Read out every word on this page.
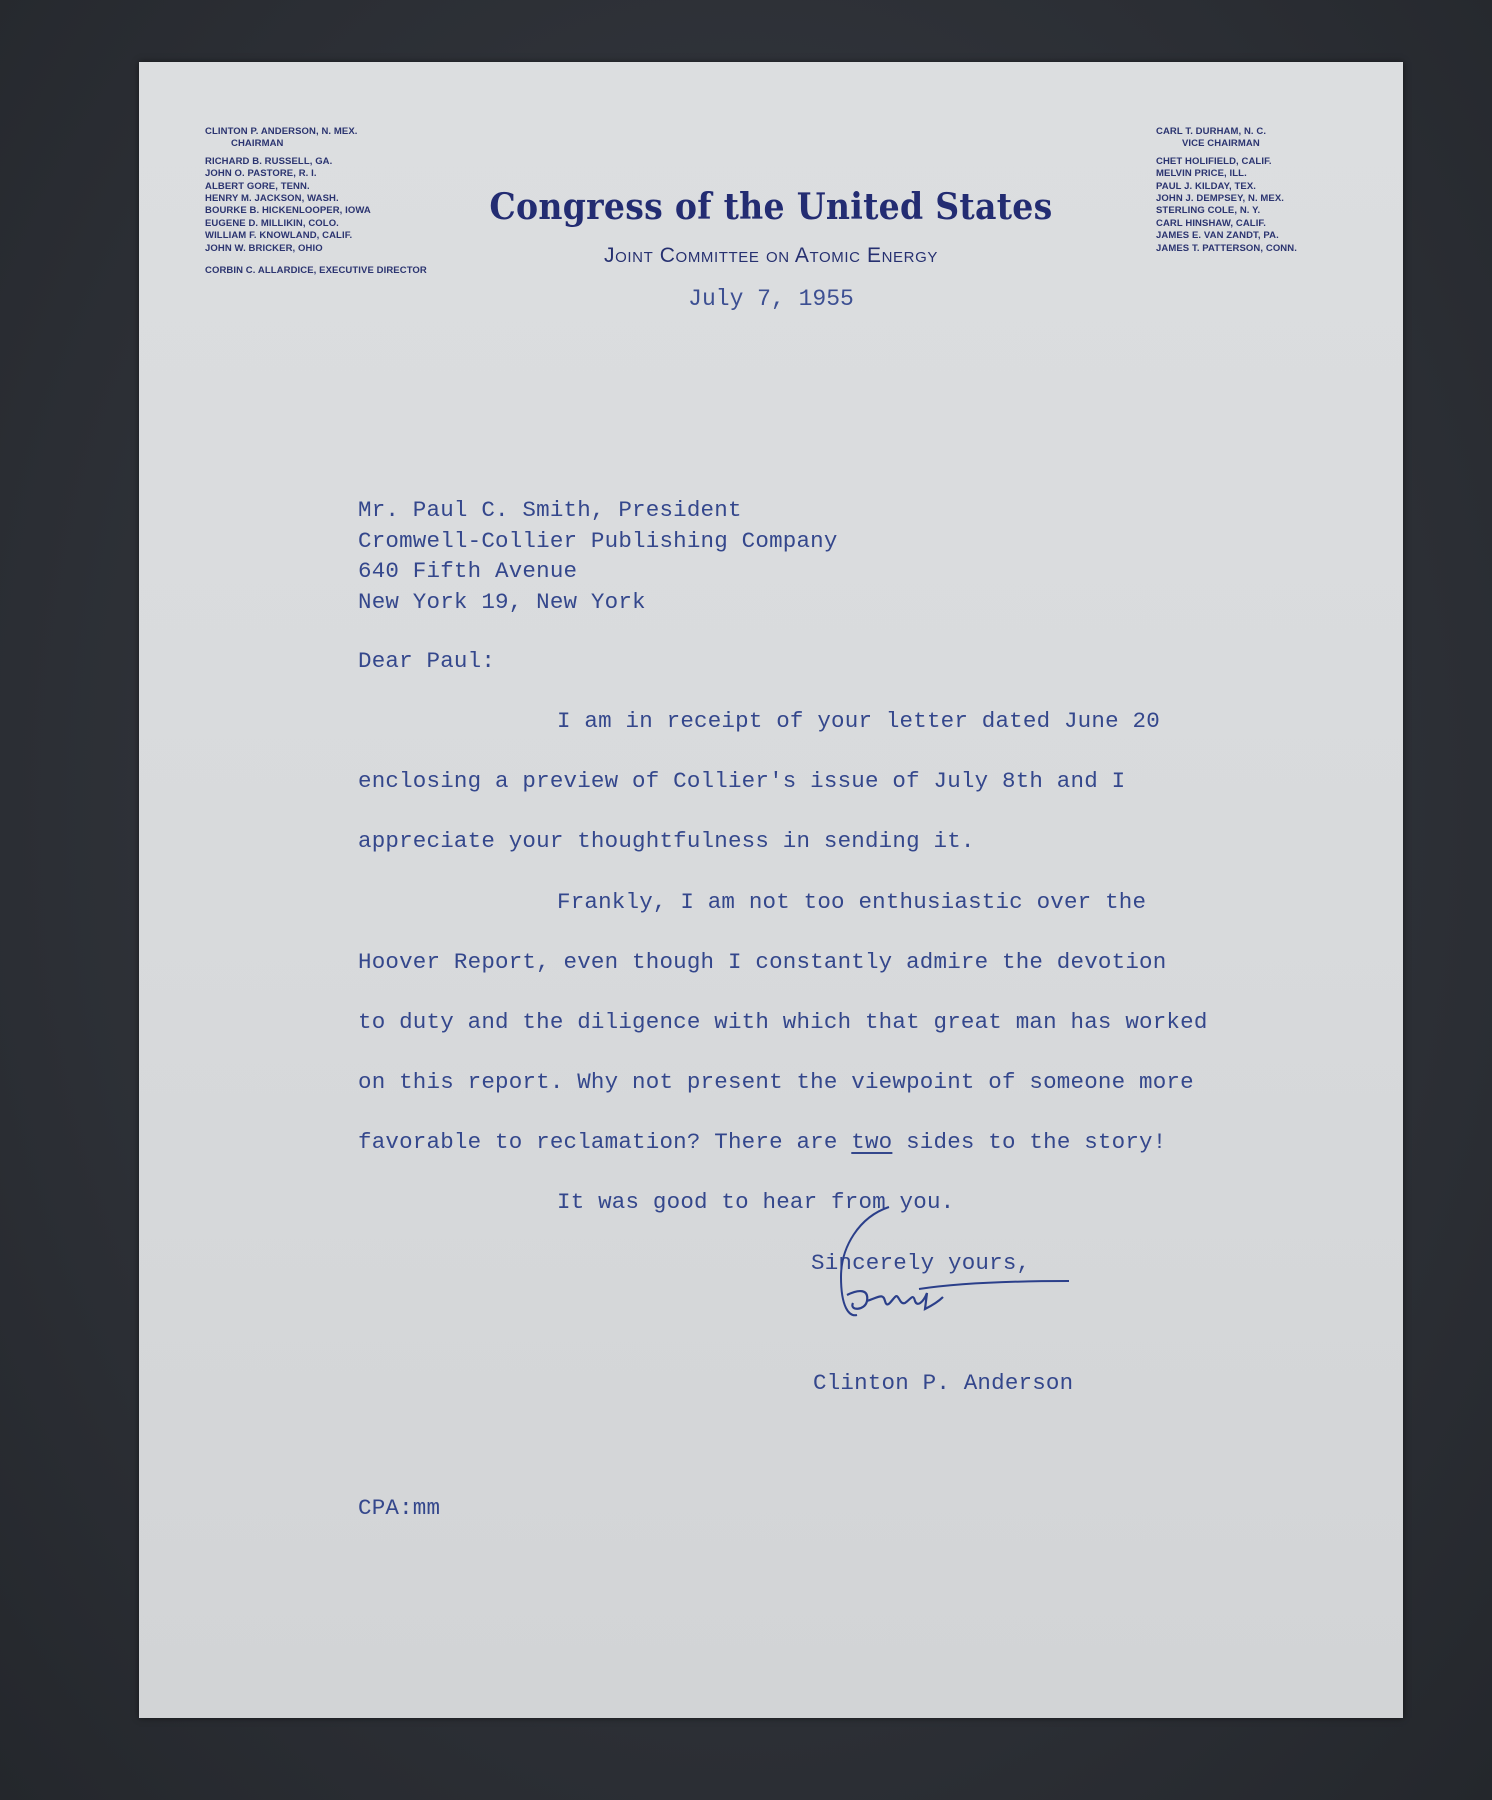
CLINTON P. ANDERSON, N. MEX.
CHAIRMAN
RICHARD B. RUSSELL, GA.
JOHN O. PASTORE, R. I.
ALBERT GORE, TENN.
HENRY M. JACKSON, WASH.
BOURKE B. HICKENLOOPER, IOWA
EUGENE D. MILLIKIN, COLO.
WILLIAM F. KNOWLAND, CALIF.
JOHN W. BRICKER, OHIO
CORBIN C. ALLARDICE, EXECUTIVE DIRECTOR
CARL T. DURHAM, N. C.
VICE CHAIRMAN
CHET HOLIFIELD, CALIF.
MELVIN PRICE, ILL.
PAUL J. KILDAY, TEX.
JOHN J. DEMPSEY, N. MEX.
STERLING COLE, N. Y.
CARL HINSHAW, CALIF.
JAMES E. VAN ZANDT, PA.
JAMES T. PATTERSON, CONN.
Congress of the United States
Joint Committee on Atomic Energy
July 7, 1955
Mr. Paul C. Smith, President
Cromwell-Collier Publishing Company
640 Fifth Avenue
New York 19, New York
Dear Paul:
I am in receipt of your letter dated June 20
enclosing a preview of Collier's issue of July 8th and I
appreciate your thoughtfulness in sending it.
Frankly, I am not too enthusiastic over the
Hoover Report, even though I constantly admire the devotion
to duty and the diligence with which that great man has worked
on this report. Why not present the viewpoint of someone more
favorable to reclamation? There are two sides to the story!
It was good to hear from you.
Sincerely yours,
Clinton P. Anderson
CPA:mm
